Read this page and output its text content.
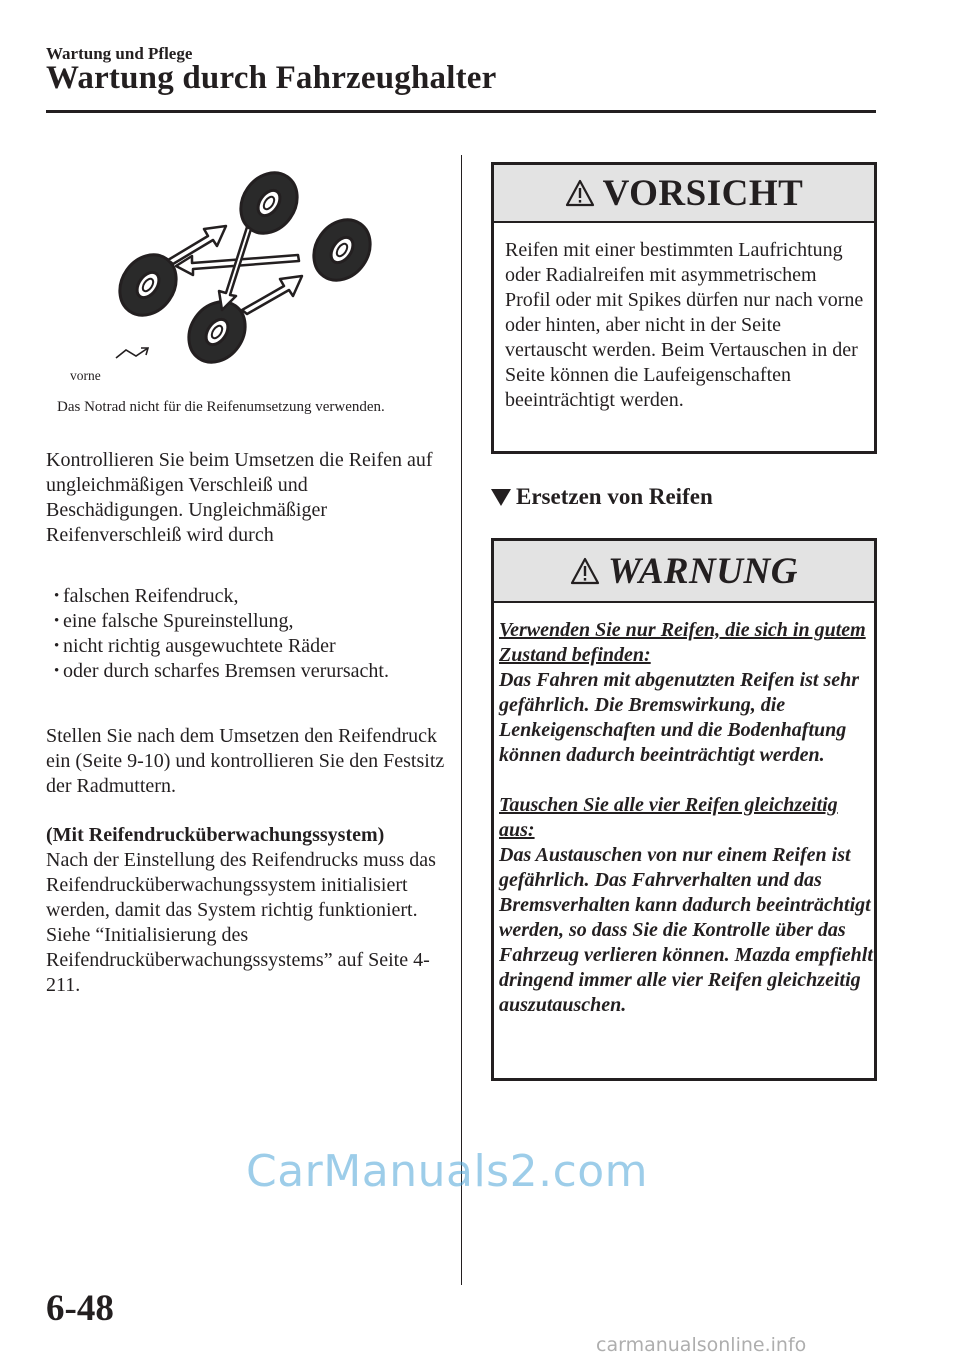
Wartung und Pflege
Wartung durch Fahrzeughalter
vorne
Das Notrad nicht für die Reifenumsetzung verwenden.
Kontrollieren Sie beim Umsetzen die Reifen auf ungleichmäßigen Verschleiß und Beschädigungen. Ungleichmäßiger Reifenverschleiß wird durch
• falschen Reifendruck,
• eine falsche Spureinstellung,
• nicht richtig ausgewuchtete Räder
• oder durch scharfes Bremsen verursacht.
Stellen Sie nach dem Umsetzen den Reifendruck ein (Seite 9-10) und kontrollieren Sie den Festsitz der Radmuttern.
(Mit Reifendrucküberwachungssystem)
Nach der Einstellung des Reifendrucks muss das Reifendrucküberwachungssystem initialisiert werden, damit das System richtig funktioniert. Siehe “Initialisierung des Reifendrucküberwachungssystems” auf Seite 4-211.
VORSICHT
Reifen mit einer bestimmten Laufrichtung oder Radialreifen mit asymmetrischem Profil oder mit Spikes dürfen nur nach vorne oder hinten, aber nicht in der Seite vertauscht werden. Beim Vertauschen in der Seite können die Laufeigenschaften beeinträchtigt werden.
Ersetzen von Reifen
WARNUNG
Verwenden Sie nur Reifen, die sich in gutem Zustand befinden:
Das Fahren mit abgenutzten Reifen ist sehr gefährlich. Die Bremswirkung, die Lenkeigenschaften und die Bodenhaftung können dadurch beeinträchtigt werden.
Tauschen Sie alle vier Reifen gleichzeitig aus:
Das Austauschen von nur einem Reifen ist gefährlich. Das Fahrverhalten und das Bremsverhalten kann dadurch beeinträchtigt werden, so dass Sie die Kontrolle über das Fahrzeug verlieren können. Mazda empfiehlt dringend immer alle vier Reifen gleichzeitig auszutauschen.
CarManuals2.com
6-48
carmanualsonline.info
